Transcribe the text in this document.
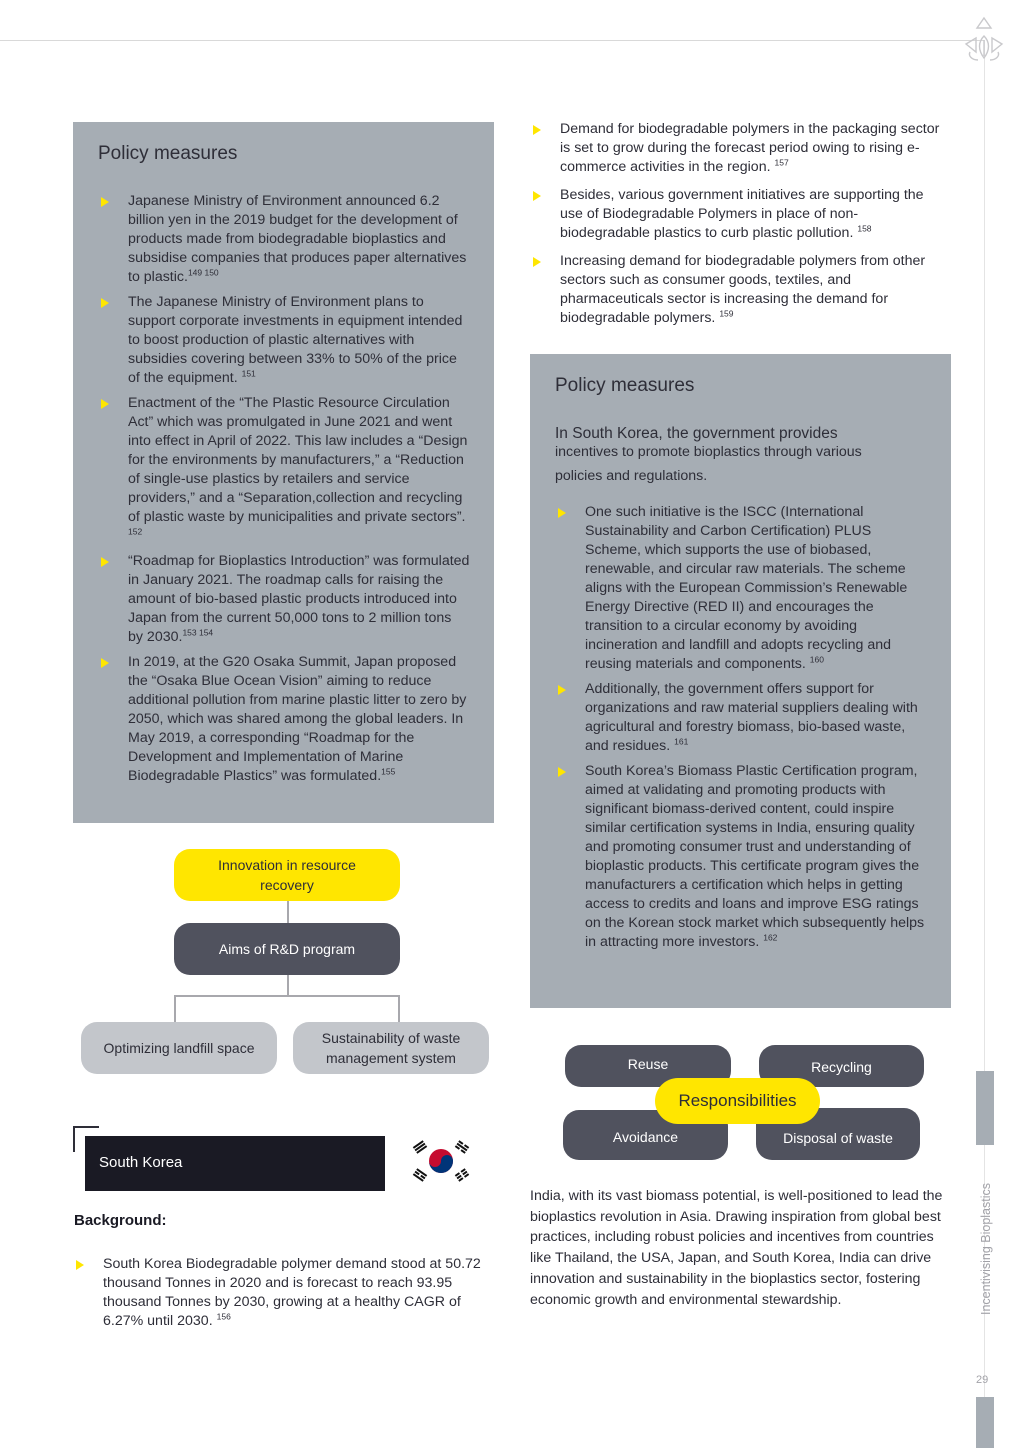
Policy measures
Japanese Ministry of Environment announced 6.2 billion yen in the 2019 budget for the development of products made from biodegradable bioplastics and subsidise companies that produces paper alternatives to plastic.$^{149 150}$
The Japanese Ministry of Environment plans to support corporate investments in equipment intended to boost production of plastic alternatives with subsidies covering between 33% to 50% of the price of the equipment. $^{151}$
Enactment of the “The Plastic Resource Circulation Act” which was promulgated in June 2021 and went into effect in April of 2022. This law includes a “Design for the environments by manufacturers,” a “Reduction of single-use plastics by retailers and service providers,” and a “Separation,collection and recycling of plastic waste by municipalities and private sectors”. $^{152}$
“Roadmap for Bioplastics Introduction” was formulated in January 2021. The roadmap calls for raising the amount of bio-based plastic products introduced into Japan from the current 50,000 tons to 2 million tons by 2030.$^{153 154}$
In 2019, at the G20 Osaka Summit, Japan proposed the “Osaka Blue Ocean Vision” aiming to reduce additional pollution from marine plastic litter to zero by 2050, which was shared among the global leaders. In May 2019, a corresponding “Roadmap for the Development and Implementation of Marine Biodegradable Plastics” was formulated.$^{155}$
Innovation in resource recovery
Aims of R&D program
Optimizing landfill space
Sustainability of waste management system
South Korea
Background:
South Korea Biodegradable polymer demand stood at 50.72 thousand Tonnes in 2020 and is forecast to reach 93.95 thousand Tonnes by 2030, growing at a healthy CAGR of 6.27% until 2030. $^{156}$
Demand for biodegradable polymers in the packaging sector is set to grow during the forecast period owing to rising e-commerce activities in the region. $^{157}$
Besides, various government initiatives are supporting the use of Biodegradable Polymers in place of non-biodegradable plastics to curb plastic pollution. $^{158}$
Increasing demand for biodegradable polymers from other sectors such as consumer goods, textiles, and pharmaceuticals sector is increasing the demand for biodegradable polymers. $^{159}$
Policy measures
In South Korea, the government provides
incentives to promote bioplastics through various
policies and regulations.
One such initiative is the ISCC (International Sustainability and Carbon Certification) PLUS Scheme, which supports the use of biobased, renewable, and circular raw materials. The scheme aligns with the European Commission’s Renewable Energy Directive (RED II) and encourages the transition to a circular economy by avoiding incineration and landfill and adopts recycling and reusing materials and components. $^{160}$
Additionally, the government offers support for organizations and raw material suppliers dealing with agricultural and forestry biomass, bio-based waste, and residues. $^{161}$
South Korea’s Biomass Plastic Certification program, aimed at validating and promoting products with significant biomass-derived content, could inspire similar certification systems in India, ensuring quality and promoting consumer trust and understanding of bioplastic products. This certificate program gives the manufacturers a certification which helps in getting access to credits and loans and improve ESG ratings on the Korean stock market which subsequently helps in attracting more investors. $^{162}$
Reuse	Recycling
Avoidance	Disposal of waste
Responsibilities

India, with its vast biomass potential, is well-positioned to lead the bioplastics revolution in Asia. Drawing inspiration from global best practices, including robust policies and incentives from countries like Thailand, the USA, Japan, and South Korea, India can drive innovation and sustainability in the bioplastics sector, fostering economic growth and environmental stewardship.	Incentivising Bioplastics
29
